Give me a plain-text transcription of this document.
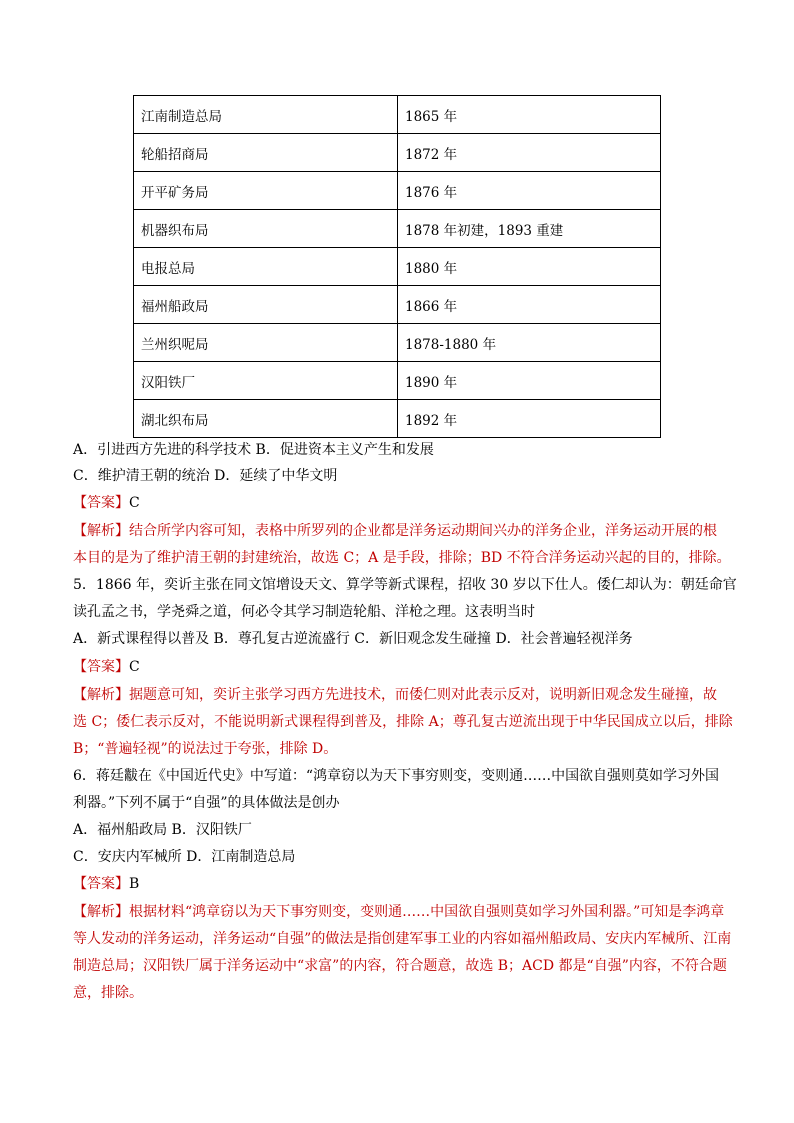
江南制造总局	1865 年
轮船招商局	1872 年
开平矿务局	1876 年
机器织布局	1878 年初建，1893 重建
电报总局	1880 年
福州船政局	1866 年
兰州织呢局	1878-1880 年
汉阳铁厂	1890 年
湖北织布局	1892 年
A．引进西方先进的科学技术 B．促进资本主义产生和发展
C．维护清王朝的统治 D．延续了中华文明
【答案】C
【解析】结合所学内容可知，表格中所罗列的企业都是洋务运动期间兴办的洋务企业，洋务运动开展的根
本目的是为了维护清王朝的封建统治，故选 C；A 是手段，排除；BD 不符合洋务运动兴起的目的，排除。
5．1866 年，奕䜣主张在同文馆增设天文、算学等新式课程，招收 30 岁以下仕人。倭仁却认为：朝廷命官
读孔孟之书，学尧舜之道，何必令其学习制造轮船、洋枪之理。这表明当时
A．新式课程得以普及 B．尊孔复古逆流盛行 C．新旧观念发生碰撞 D．社会普遍轻视洋务
【答案】C
【解析】据题意可知，奕䜣主张学习西方先进技术，而倭仁则对此表示反对，说明新旧观念发生碰撞，故
选 C；倭仁表示反对，不能说明新式课程得到普及，排除 A；尊孔复古逆流出现于中华民国成立以后，排除
B；“普遍轻视”的说法过于夸张，排除 D。
6．蒋廷黻在《中国近代史》中写道：“鸿章窃以为天下事穷则变，变则通……中国欲自强则莫如学习外国
利器。”下列不属于“自强”的具体做法是创办
A．福州船政局 B．汉阳铁厂
C．安庆内军械所 D．江南制造总局
【答案】B
【解析】根据材料“鸿章窃以为天下事穷则变，变则通……中国欲自强则莫如学习外国利器。”可知是李鸿章
等人发动的洋务运动，洋务运动“自强”的做法是指创建军事工业的内容如福州船政局、安庆内军械所、江南
制造总局；汉阳铁厂属于洋务运动中“求富”的内容，符合题意，故选 B；ACD 都是“自强”内容，不符合题
意，排除。
